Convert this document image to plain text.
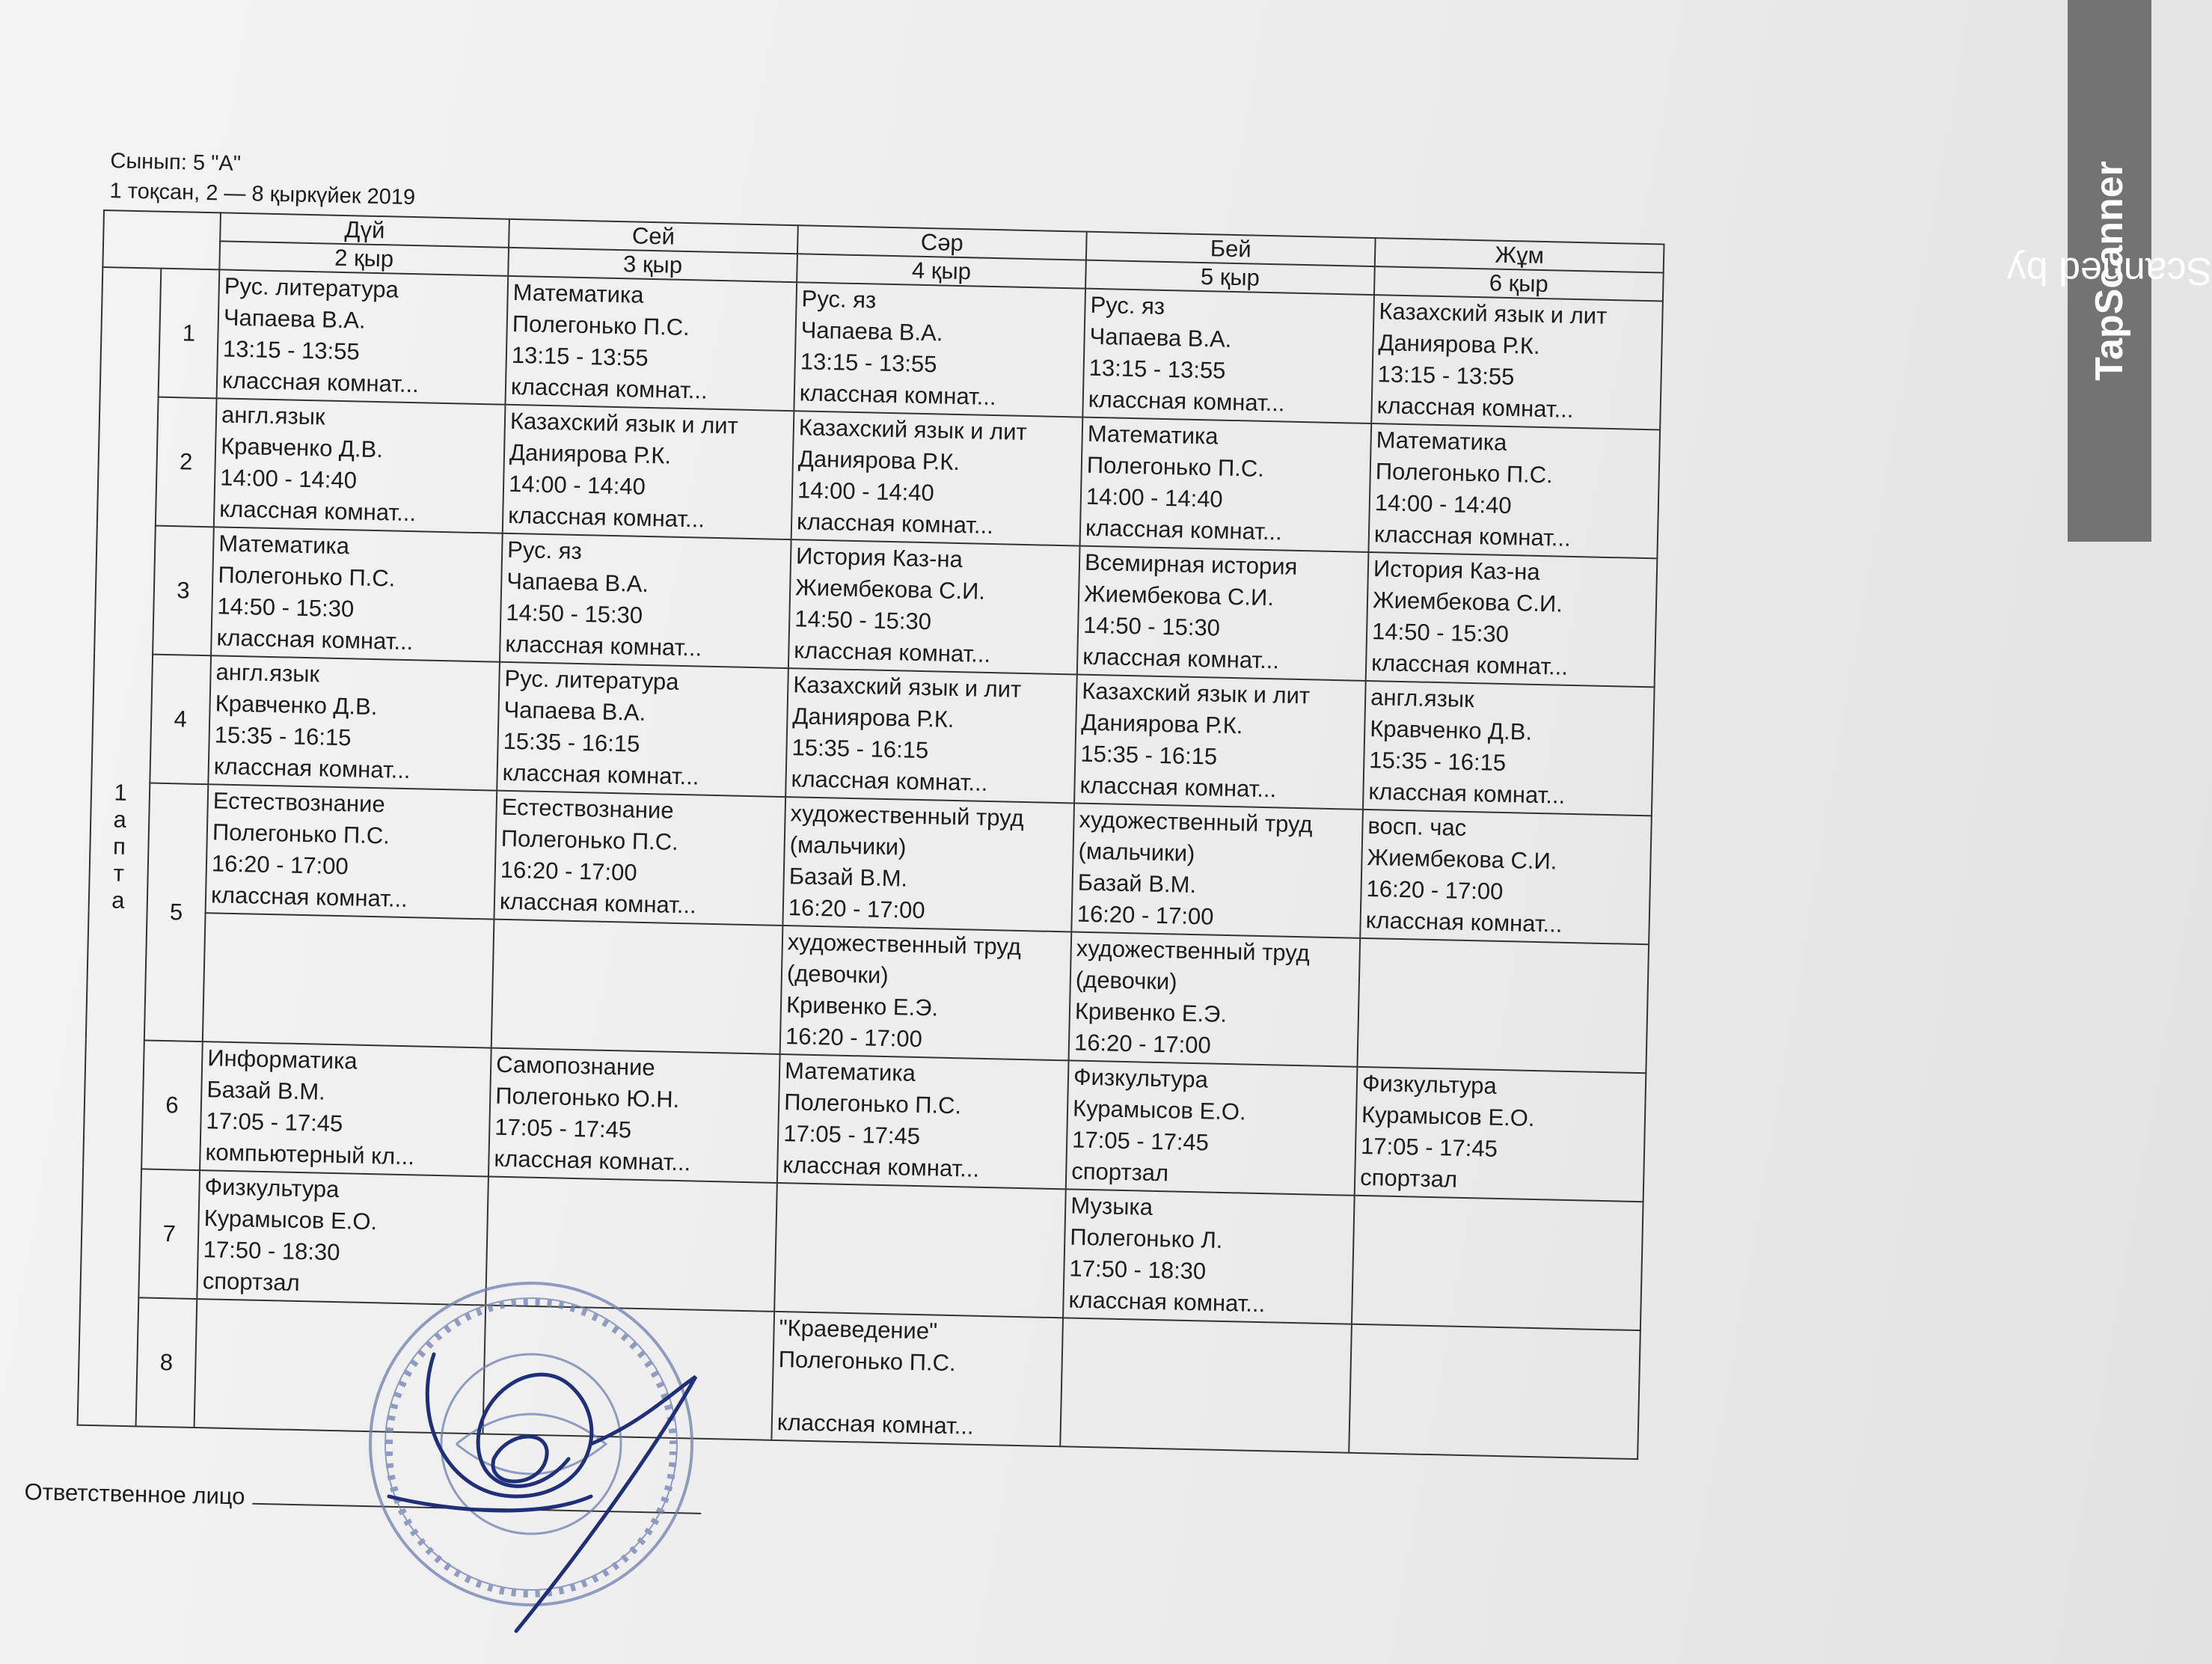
Сынып: 5 "А"
1 тоқсан, 2 — 8 қыркүйек 2019
		Дүй	Сей	Сәр	Бей	Жұм
		2 қыр	3 қыр	4 қыр	5 қыр	6 қыр

1
а
п
т
а	1	Рус. литература
Чапаева В.А.
13:15 - 13:55
классная комнат...	Математика
Полегонько П.С.
13:15 - 13:55
классная комнат...	Рус. яз
Чапаева В.А.
13:15 - 13:55
классная комнат...	Рус. яз
Чапаева В.А.
13:15 - 13:55
классная комнат...	Казахский язык и лит
Даниярова Р.К.
13:15 - 13:55
классная комнат...

	2	англ.язык
Кравченко Д.В.
14:00 - 14:40
классная комнат...	Казахский язык и лит
Даниярова Р.К.
14:00 - 14:40
классная комнат...	Казахский язык и лит
Даниярова Р.К.
14:00 - 14:40
классная комнат...	Математика
Полегонько П.С.
14:00 - 14:40
классная комнат...	Математика
Полегонько П.С.
14:00 - 14:40
классная комнат...

	3	Математика
Полегонько П.С.
14:50 - 15:30
классная комнат...	Рус. яз
Чапаева В.А.
14:50 - 15:30
классная комнат...	История Каз-на
Жиембекова С.И.
14:50 - 15:30
классная комнат...	Всемирная история
Жиембекова С.И.
14:50 - 15:30
классная комнат...	История Каз-на
Жиембекова С.И.
14:50 - 15:30
классная комнат...

	4	англ.язык
Кравченко Д.В.
15:35 - 16:15
классная комнат...	Рус. литература
Чапаева В.А.
15:35 - 16:15
классная комнат...	Казахский язык и лит
Даниярова Р.К.
15:35 - 16:15
классная комнат...	Казахский язык и лит
Даниярова Р.К.
15:35 - 16:15
классная комнат...	англ.язык
Кравченко Д.В.
15:35 - 16:15
классная комнат...

	5	Естествознание
Полегонько П.С.
16:20 - 17:00
классная комнат...	Естествознание
Полегонько П.С.
16:20 - 17:00
классная комнат...	художественный труд
(мальчики)
Базай В.М.
16:20 - 17:00	художественный труд
(мальчики)
Базай В.М.
16:20 - 17:00	восп. час
Жиембекова С.И.
16:20 - 17:00
классная комнат...

				художественный труд
(девочки)
Кривенко Е.Э.
16:20 - 17:00	художественный труд
(девочки)
Кривенко Е.Э.
16:20 - 17:00	

	6	Информатика
Базай В.М.
17:05 - 17:45
компьютерный кл...	Самопознание
Полегонько Ю.Н.
17:05 - 17:45
классная комнат...	Математика
Полегонько П.С.
17:05 - 17:45
классная комнат...	Физкультура
Курамысов Е.О.
17:05 - 17:45
спортзал	Физкультура
Курамысов Е.О.
17:05 - 17:45
спортзал

	7	Физкультура
Курамысов Е.О.
17:50 - 18:30
спортзал			Музыка
Полегонько Л.
17:50 - 18:30
классная комнат...	

	8			"Краеведение"
Полегонько П.С.

классная комнат...		

Ответственное лицо
Scanned by
TapScanner
